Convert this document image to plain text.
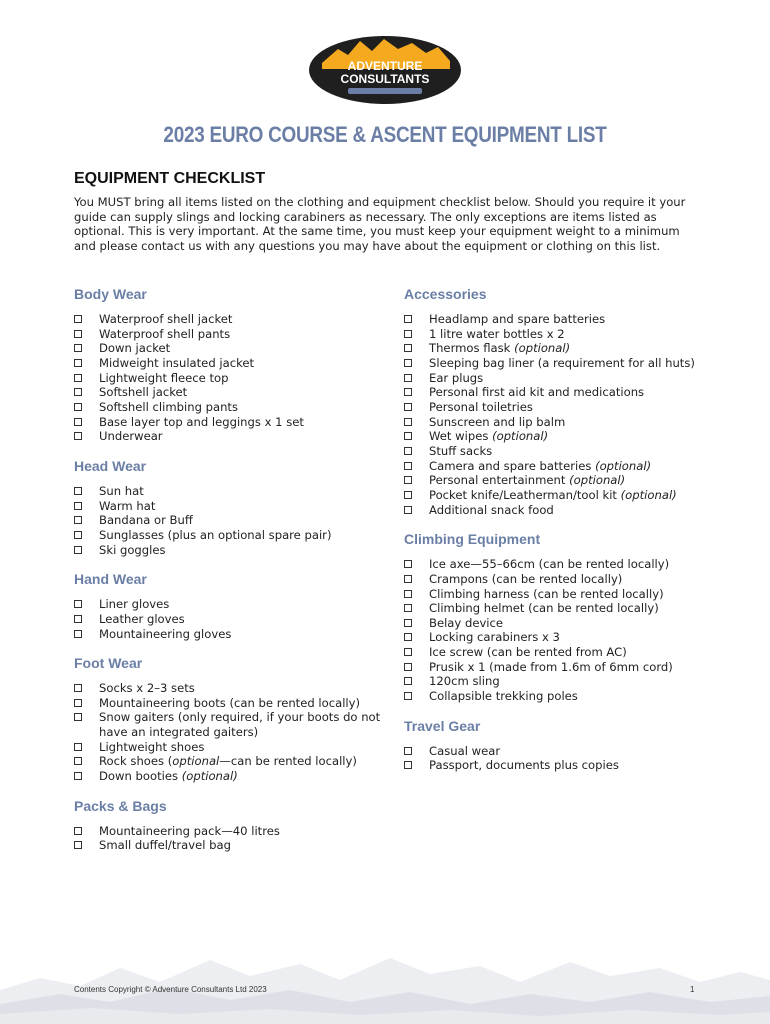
ADVENTURE
CONSULTANTS
2023 EURO COURSE & ASCENT EQUIPMENT LIST
EQUIPMENT CHECKLIST
You MUST bring all items listed on the clothing and equipment checklist below. Should you require it your guide can supply slings and locking carabiners as necessary. The only exceptions are items listed as optional. This is very important. At the same time, you must keep your equipment weight to a minimum and please contact us with any questions you may have about the equipment or clothing on this list.
Body Wear
Waterproof shell jacket
Waterproof shell pants
Down jacket
Midweight insulated jacket
Lightweight fleece top
Softshell jacket
Softshell climbing pants
Base layer top and leggings x 1 set
Underwear
Head Wear
Sun hat
Warm hat
Bandana or Buff
Sunglasses (plus an optional spare pair)
Ski goggles
Hand Wear
Liner gloves
Leather gloves
Mountaineering gloves
Foot Wear
Socks x 2–3 sets
Mountaineering boots (can be rented locally)
Snow gaiters (only required, if your boots do not have an integrated gaiters)
Lightweight shoes
Rock shoes (optional—can be rented locally)
Down booties (optional)
Packs & Bags
Mountaineering pack—40 litres
Small duffel/travel bag
Accessories
Headlamp and spare batteries
1 litre water bottles x 2
Thermos flask (optional)
Sleeping bag liner (a requirement for all huts)
Ear plugs
Personal first aid kit and medications
Personal toiletries
Sunscreen and lip balm
Wet wipes (optional)
Stuff sacks
Camera and spare batteries (optional)
Personal entertainment (optional)
Pocket knife/Leatherman/tool kit (optional)
Additional snack food
Climbing Equipment
Ice axe—55–66cm (can be rented locally)
Crampons (can be rented locally)
Climbing harness (can be rented locally)
Climbing helmet (can be rented locally)
Belay device
Locking carabiners x 3
Ice screw (can be rented from AC)
Prusik x 1 (made from 1.6m of 6mm cord)
120cm sling
Collapsible trekking poles
Travel Gear
Casual wear
Passport, documents plus copies
Contents Copyright © Adventure Consultants Ltd 2023	1
